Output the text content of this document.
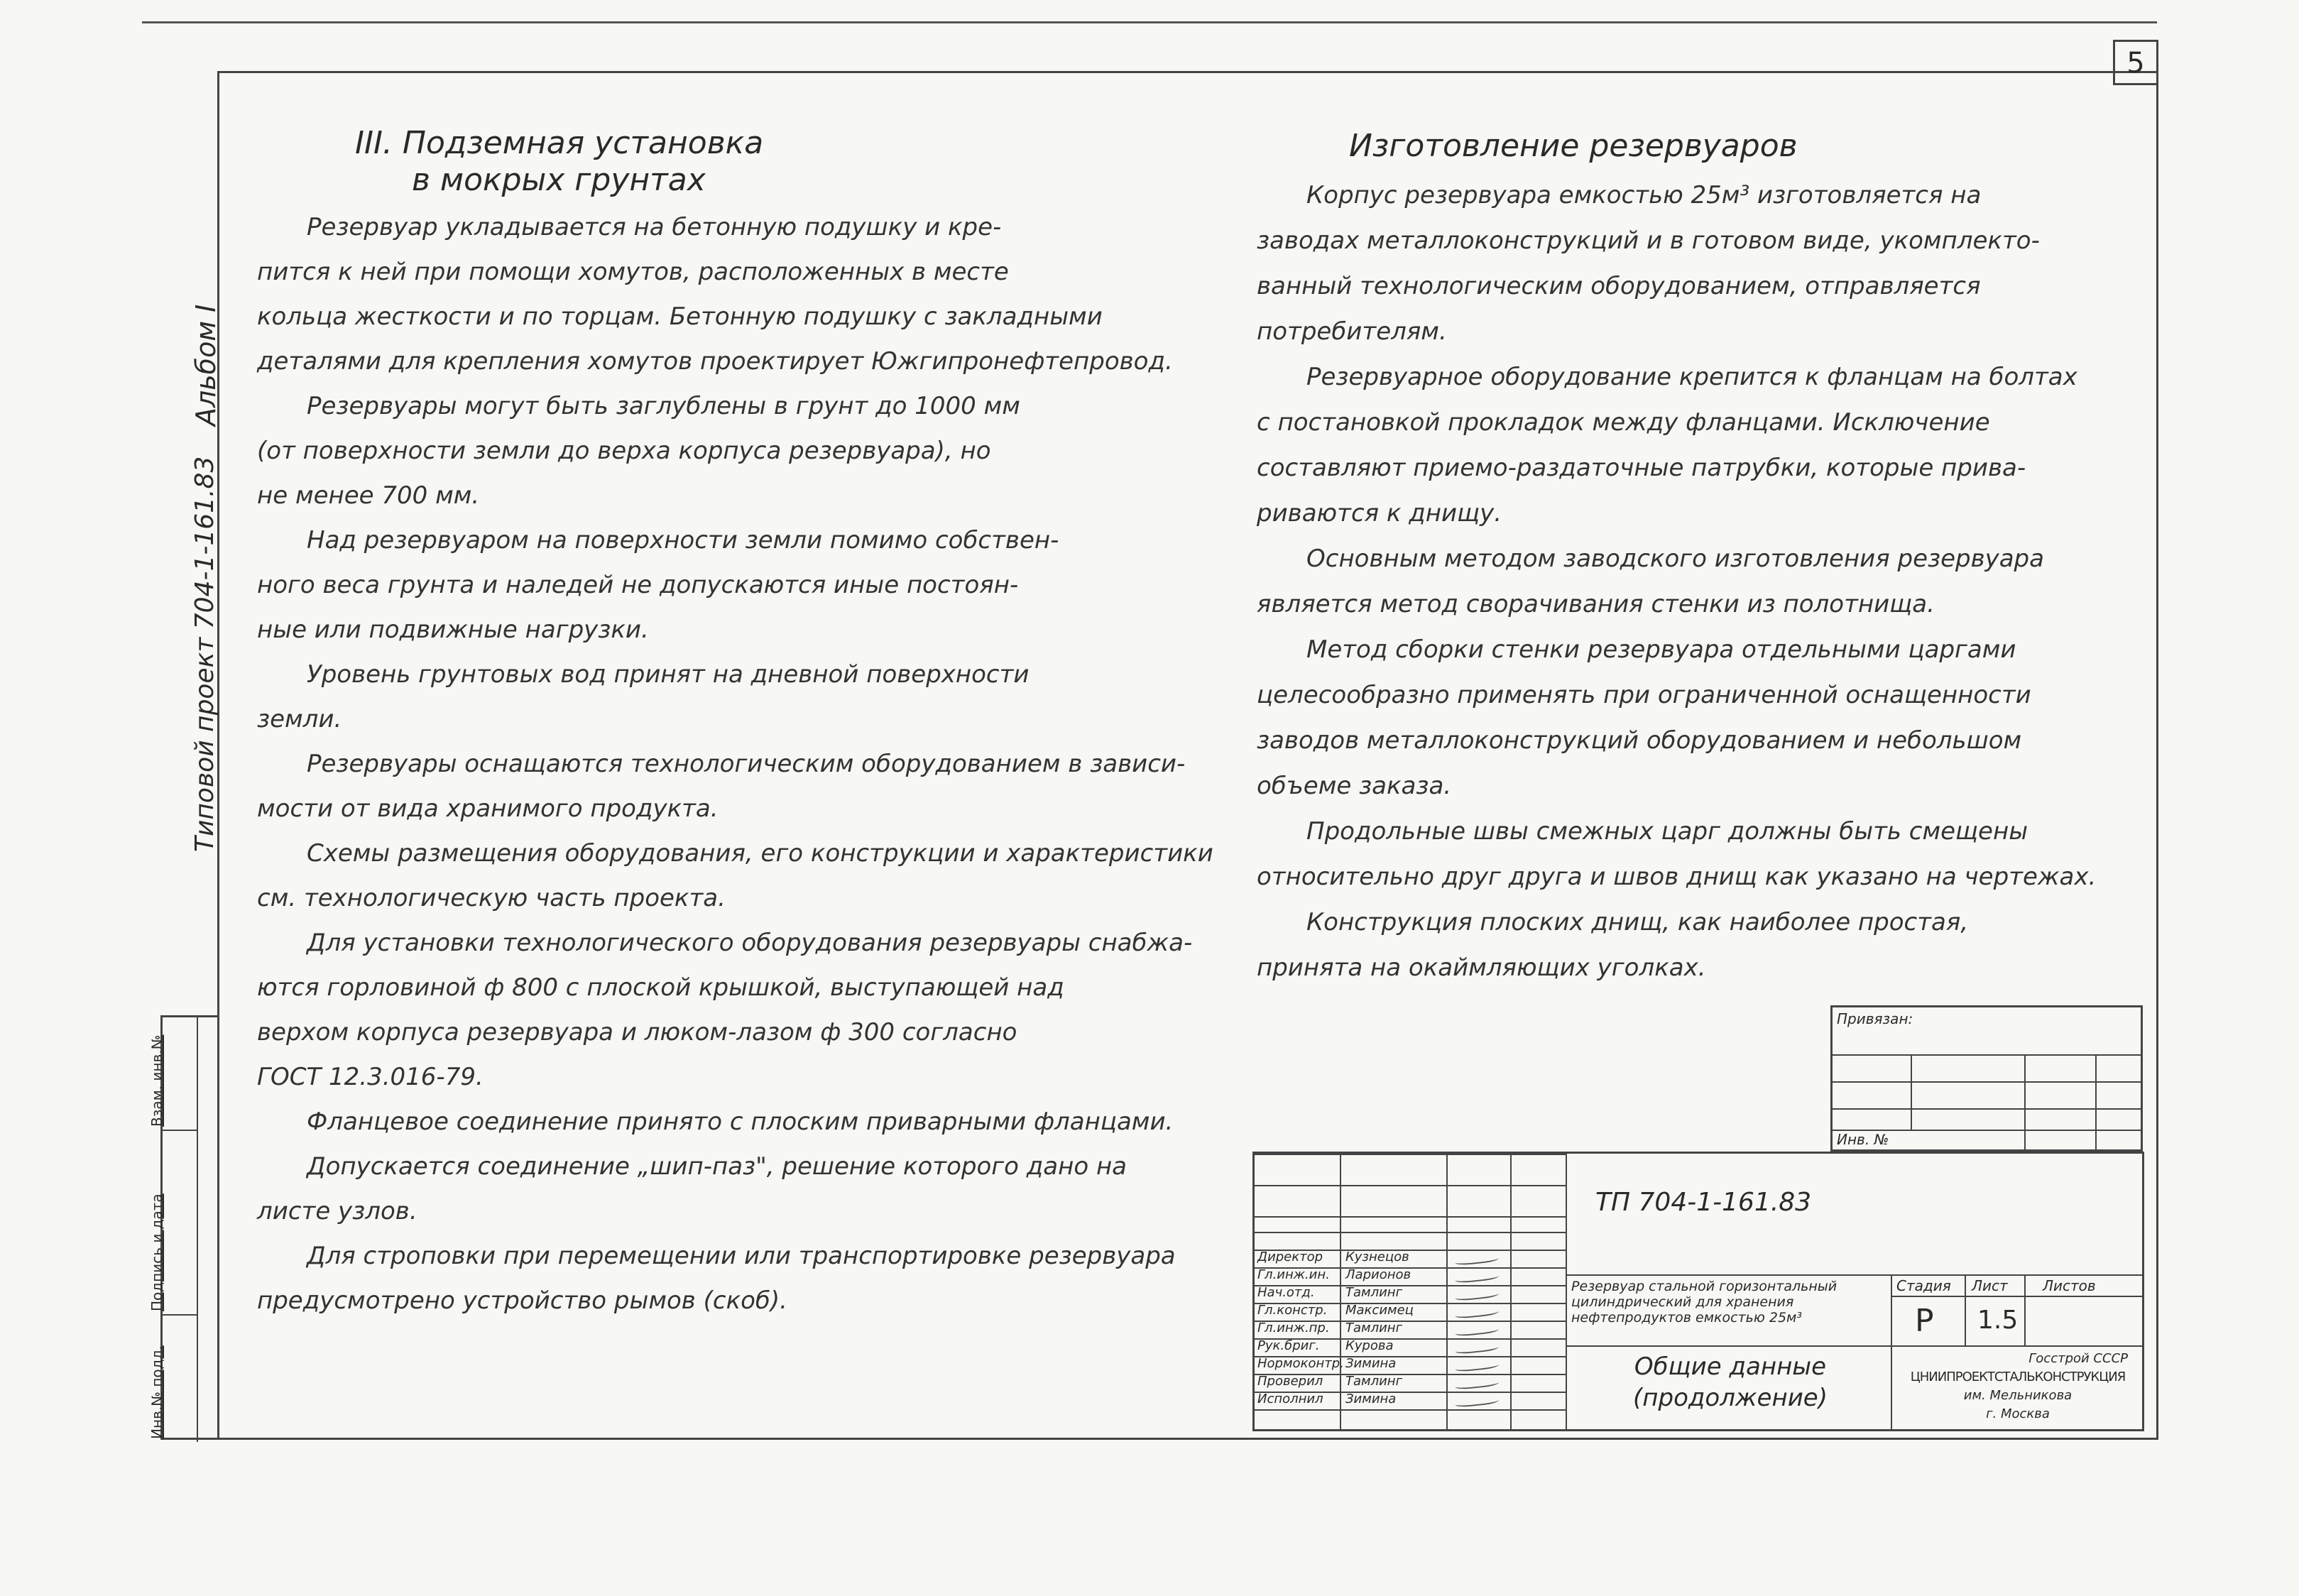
5
Альбом I
Типовой проект 704-1-161.83
Взам. инв.№
Подпись и дата
Инв.№ подл.
III. Подземная установка
в мокрых грунтах
Резервуар укладывается на бетонную подушку и кре-
пится к ней при помощи хомутов, расположенных в месте
кольца жесткости и по торцам. Бетонную подушку с закладными
деталями для крепления хомутов проектирует Южгипронефтепровод.
Резервуары могут быть заглублены в грунт до 1000 мм
(от поверхности земли до верха корпуса резервуара), но
не менее 700 мм.
Над резервуаром на поверхности земли помимо собствен-
ного веса грунта и наледей не допускаются иные постоян-
ные или подвижные нагрузки.
Уровень грунтовых вод принят на дневной поверхности
земли.
Резервуары оснащаются технологическим оборудованием в зависи-
мости от вида хранимого продукта.
Схемы размещения оборудования, его конструкции и характеристики
см. технологическую часть проекта.
Для установки технологического оборудования резервуары снабжа-
ются горловиной ф 800 с плоской крышкой, выступающей над
верхом корпуса резервуара и люком-лазом ф 300 согласно
ГОСТ 12.3.016-79.
Фланцевое соединение принято с плоским приварными фланцами.
Допускается соединение „шип-паз", решение которого дано на
листе узлов.
Для строповки при перемещении или транспортировке резервуара
предусмотрено устройство рымов (скоб).
Изготовление резервуаров
Корпус резервуара емкостью 25м³ изготовляется на
заводах металлоконструкций и в готовом виде, укомплекто-
ванный технологическим оборудованием, отправляется
потребителям.
Резервуарное оборудование крепится к фланцам на болтах
с постановкой прокладок между фланцами. Исключение
составляют приемо-раздаточные патрубки, которые прива-
риваются к днищу.
Основным методом заводского изготовления резервуара
является метод сворачивания стенки из полотнища.
Метод сборки стенки резервуара отдельными царгами
целесообразно применять при ограниченной оснащенности
заводов металлоконструкций оборудованием и небольшом
объеме заказа.
Продольные швы смежных царг должны быть смещены
относительно друг друга и швов днищ как указано на чертежах.
Конструкция плоских днищ, как наиболее простая,
принята на окаймляющих уголках.
Привязан:
Инв. №
ТП 704-1-161.83
Директор Кузнецов
Гл.инж.ин. Ларионов
Нач.отд. Тамлинг
Гл.констр. Максимец
Гл.инж.пр. Тамлинг
Рук.бриг. Курова
Нормоконтр. Зимина
Проверил Тамлинг
Исполнил Зимина
Резервуар стальной горизонтальный цилиндрический для хранения нефтепродуктов емкостью 25м³
Стадия Лист Листов
Р 1.5
Общие данные (продолжение)
Госстрой СССР
ЦНИИПРОЕКТСТАЛЬКОНСТРУКЦИЯ
им. Мельникова
г. Москва
